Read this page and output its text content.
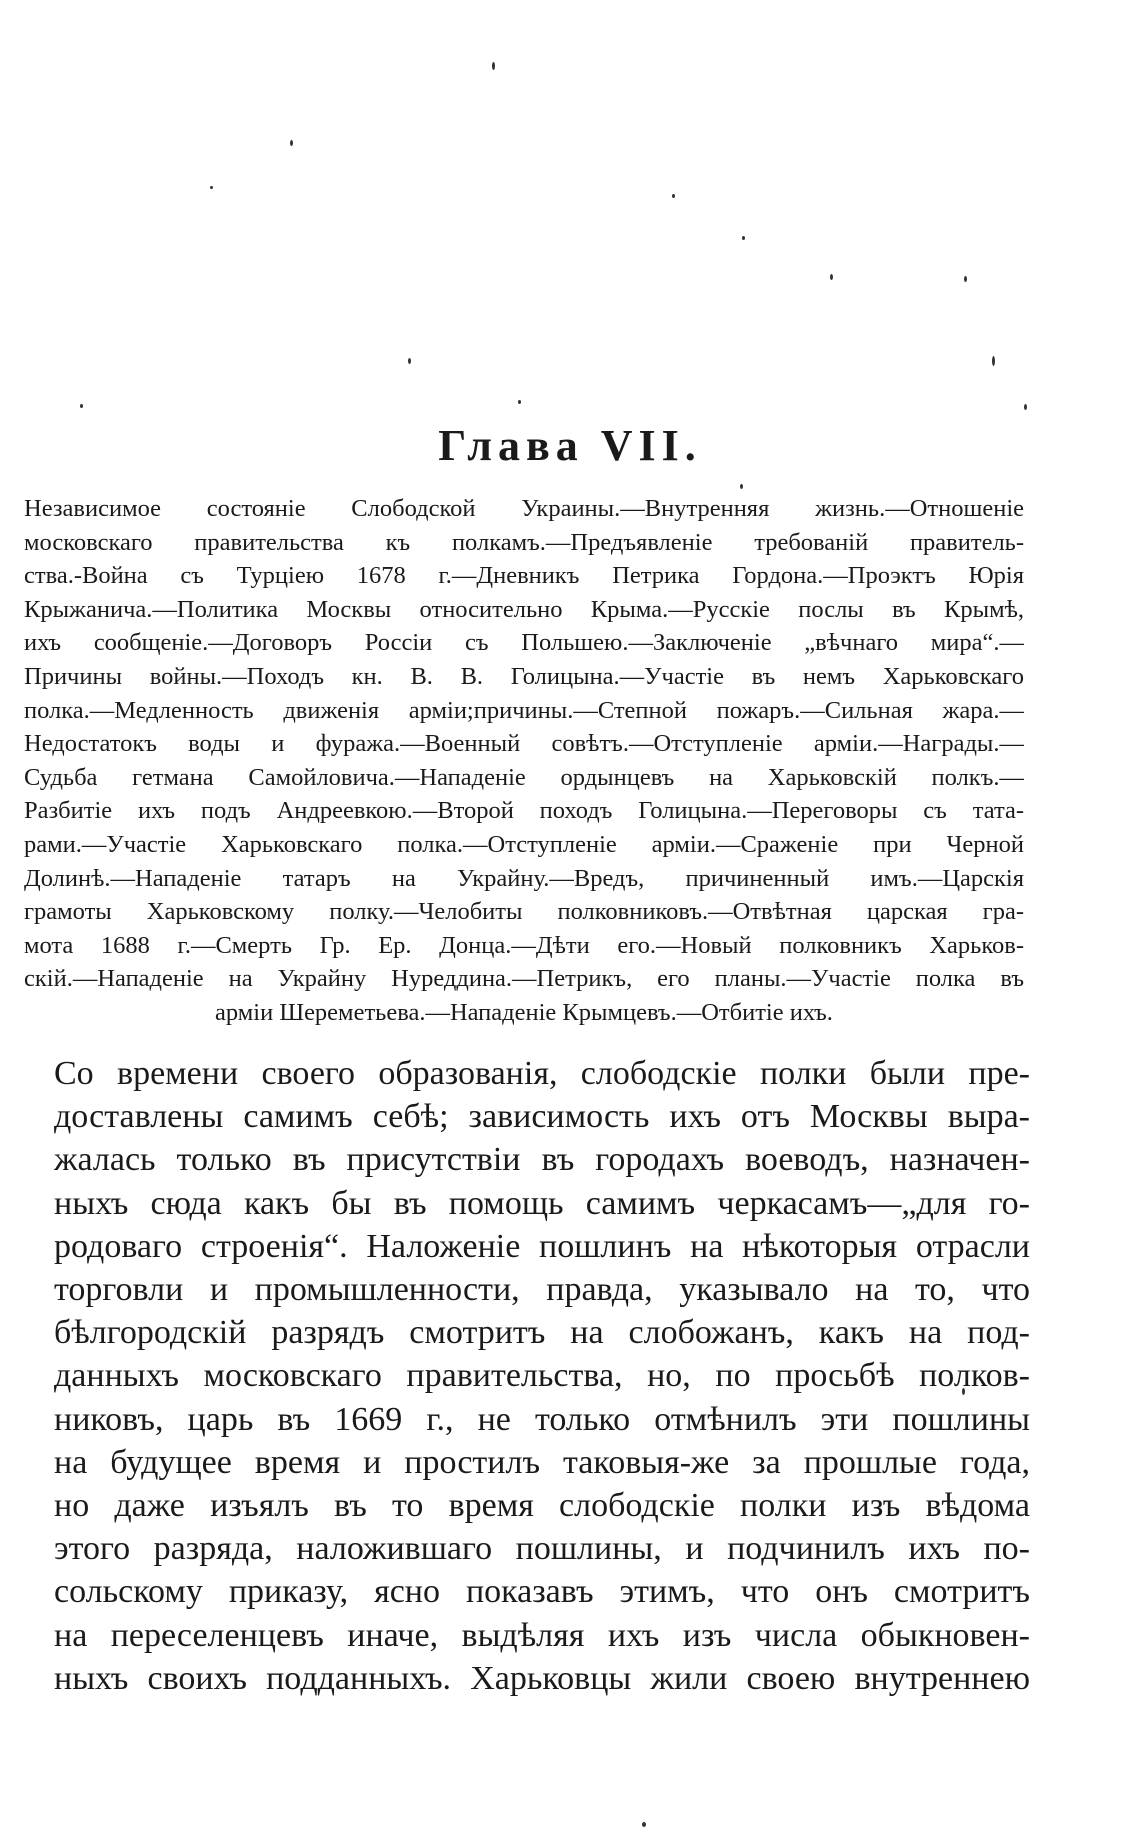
Глава VII.
Независимое состояніе Слободской Украины.—Внутренняя жизнь.—Отношеніе
московскаго правительства къ полкамъ.—Предъявленіе требованій правитель-
ства.-Война съ Турціею 1678 г.—Дневникъ Петрика Гордона.—Проэктъ Юрія
Крыжанича.—Политика Москвы относительно Крыма.—Русскіе послы въ Крымѣ,
ихъ сообщеніе.—Договоръ Россіи съ Польшею.—Заключеніе „вѣчнаго мира“.—
Причины войны.—Походъ кн. В. В. Голицына.—Участіе въ немъ Харьковскаго
полка.—Медленность движенія арміи;причины.—Степной пожаръ.—Сильная жара.—
Недостатокъ воды и фуража.—Военный совѣтъ.—Отступленіе арміи.—Награды.—
Судьба гетмана Самойловича.—Нападеніе ордынцевъ на Харьковскій полкъ.—
Разбитіе ихъ подъ Андреевкою.—Второй походъ Голицына.—Переговоры съ тата-
рами.—Участіе Харьковскаго полка.—Отступленіе арміи.—Сраженіе при Черной
Долинѣ.—Нападеніе татаръ на Украйну.—Вредъ, причиненный имъ.—Царскія
грамоты Харьковскому полку.—Челобиты полковниковъ.—Отвѣтная царская гра-
мота 1688 г.—Смерть Гр. Ер. Донца.—Дѣти его.—Новый полковникъ Харьков-
скій.—Нападеніе на Украйну Нуреддина.—Петрикъ, его планы.—Участіе полка въ
арміи Шереметьева.—Нападеніе Крымцевъ.—Отбитіе ихъ.
Со времени своего образованія, слободскіе полки были пре-
доставлены самимъ себѣ; зависимость ихъ отъ Москвы выра-
жалась только въ присутствіи въ городахъ воеводъ, назначен-
ныхъ сюда какъ бы въ помощь самимъ черкасамъ—„для го-
родоваго строенія“. Наложеніе пошлинъ на нѣкоторыя отрасли
торговли и промышленности, правда, указывало на то, что
бѣлгородскій разрядъ смотритъ на слобожанъ, какъ на под-
данныхъ московскаго правительства, но, по просьбѣ полков-
никовъ, царь въ 1669 г., не только отмѣнилъ эти пошлины
на будущее время и простилъ таковыя-же за прошлые года,
но даже изъялъ въ то время слободскіе полки изъ вѣдома
этого разряда, наложившаго пошлины, и подчинилъ ихъ по-
сольскому приказу, ясно показавъ этимъ, что онъ смотритъ
на переселенцевъ иначе, выдѣляя ихъ изъ числа обыкновен-
ныхъ своихъ подданныхъ. Харьковцы жили своею внутреннею
